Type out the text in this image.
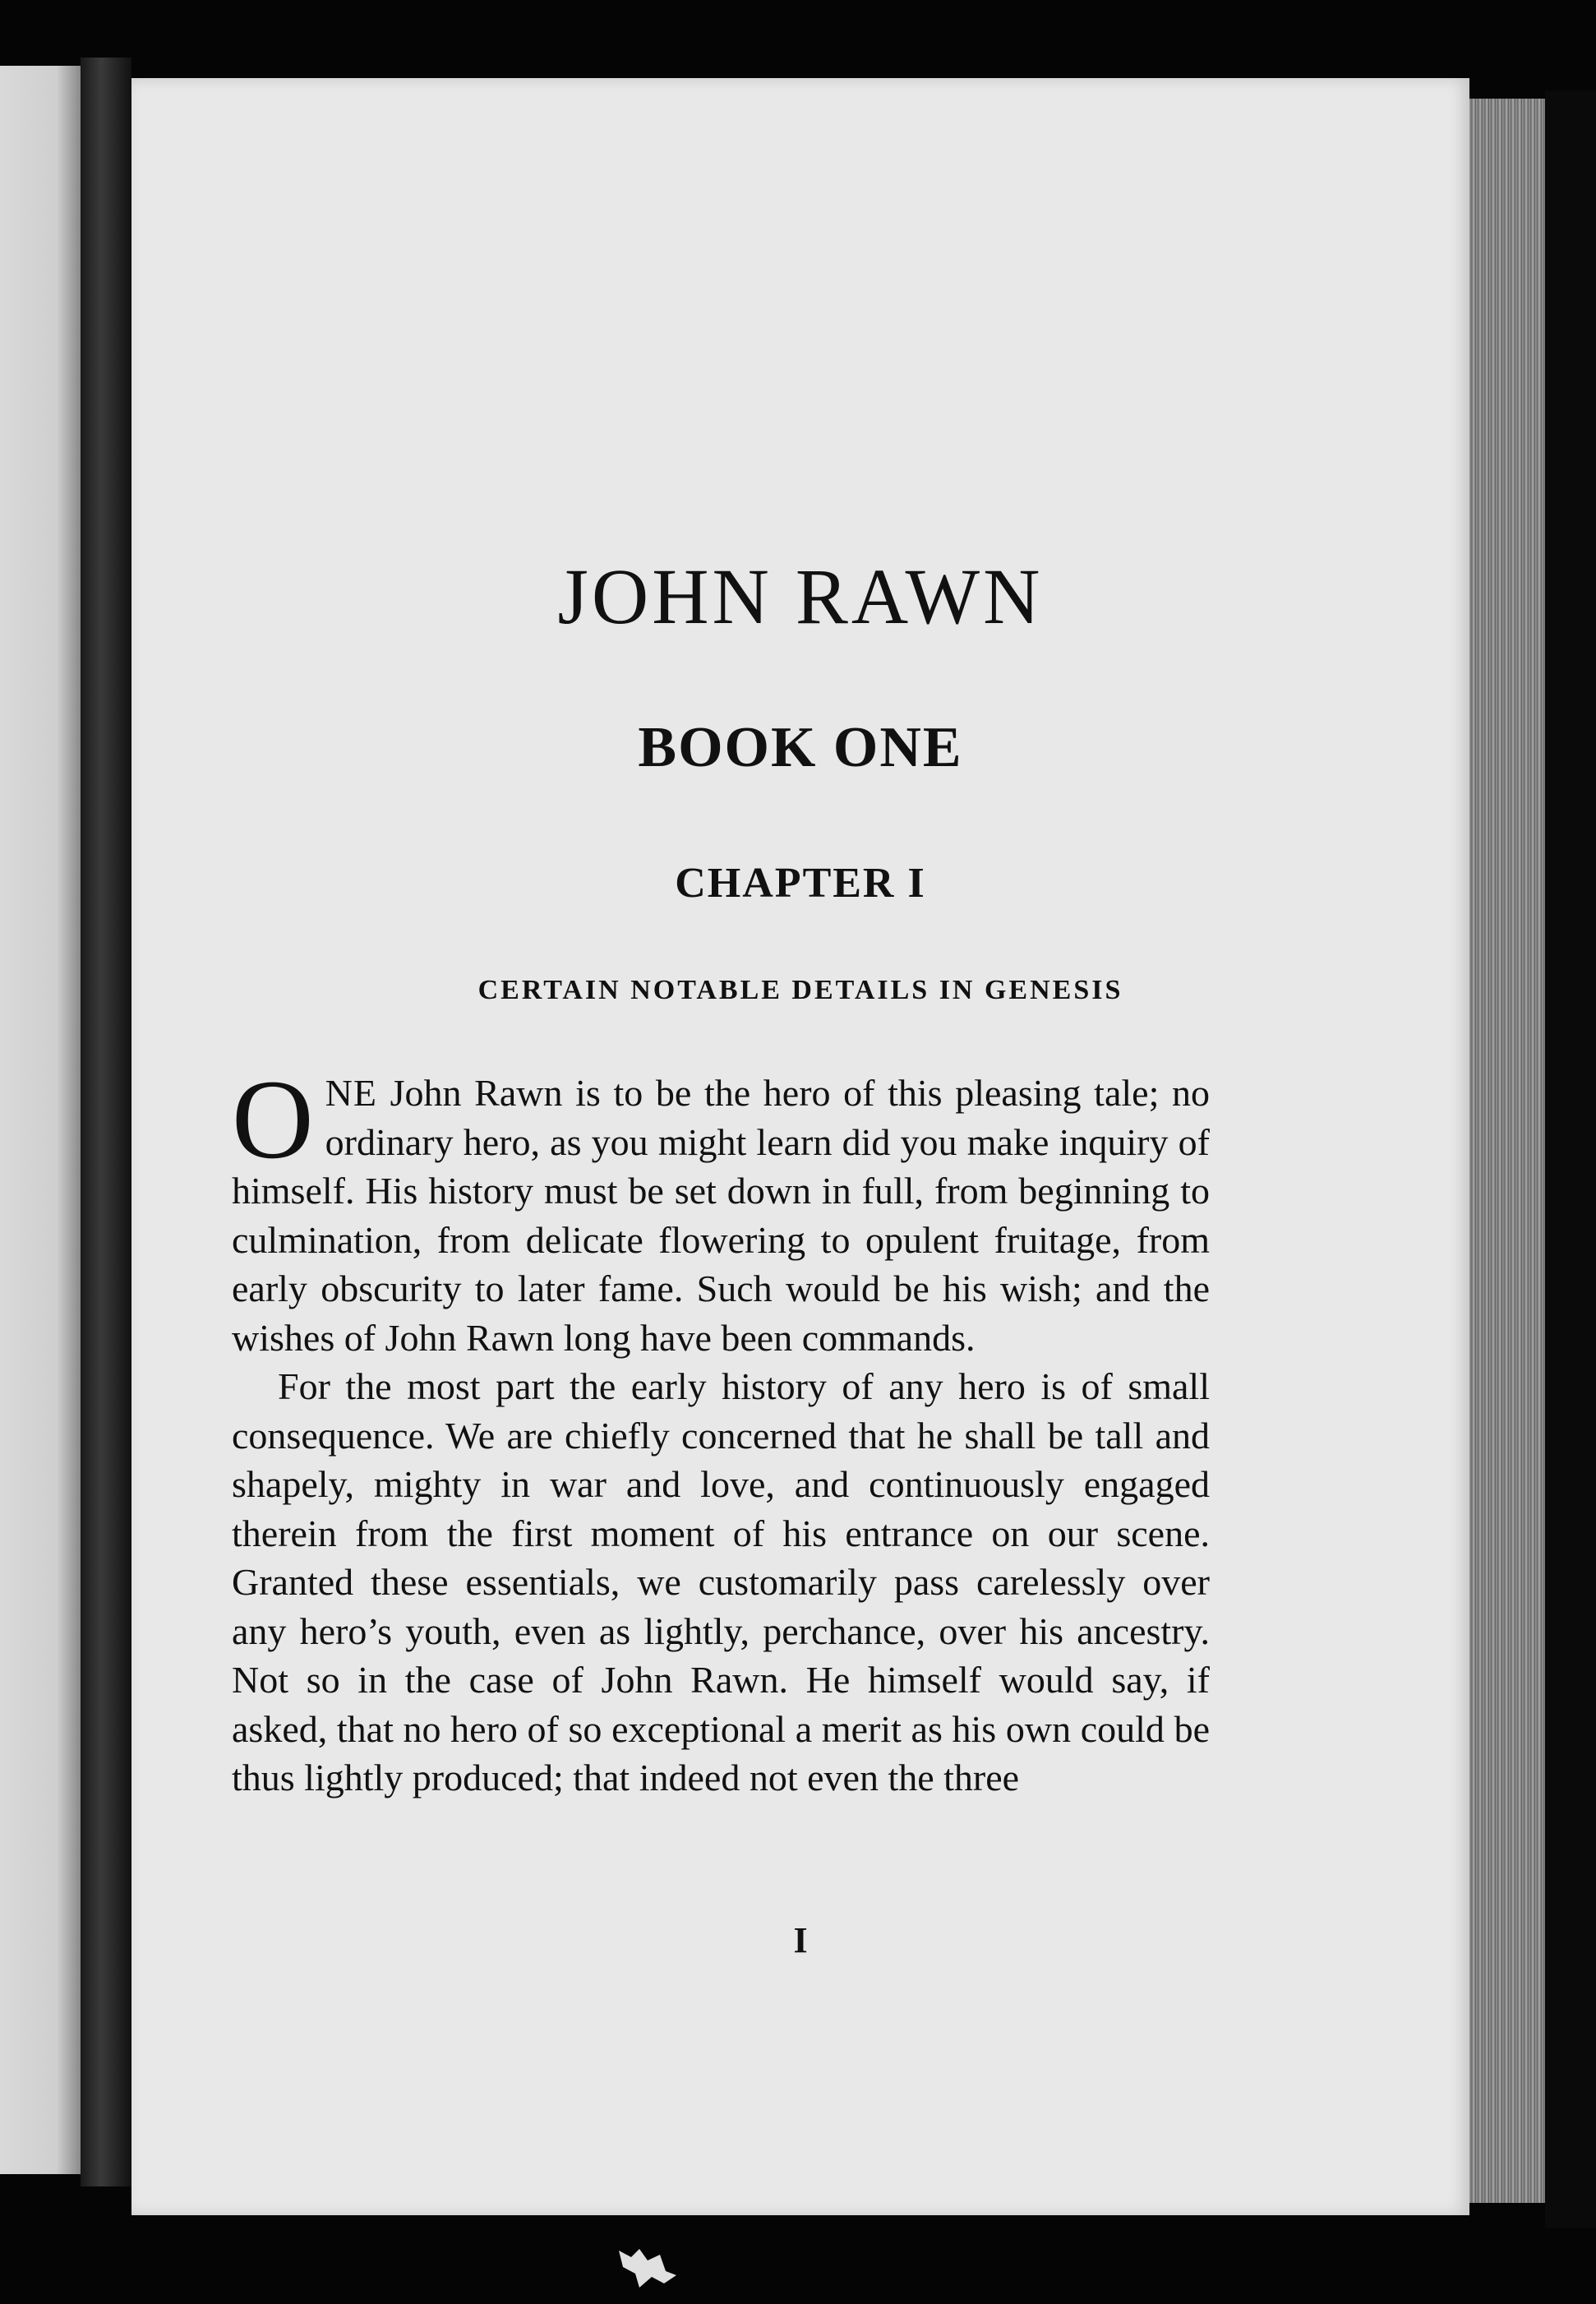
JOHN RAWN
BOOK ONE
CHAPTER I
CERTAIN NOTABLE DETAILS IN GENESIS

ONE John Rawn is to be the hero of this pleasing tale; no ordinary hero, as you might learn did you make inquiry of himself. His history must be set down in full, from beginning to culmination, from delicate flowering to opulent fruitage, from early obscurity to later fame. Such would be his wish; and the wishes of John Rawn long have been commands.

For the most part the early history of any hero is of small consequence. We are chiefly concerned that he shall be tall and shapely, mighty in war and love, and continuously engaged therein from the first moment of his entrance on our scene. Granted these essentials, we customarily pass carelessly over any hero’s youth, even as lightly, perchance, over his ancestry. Not so in the case of John Rawn. He himself would say, if asked, that no hero of so exceptional a merit as his own could be thus lightly produced; that indeed not even the three

I
